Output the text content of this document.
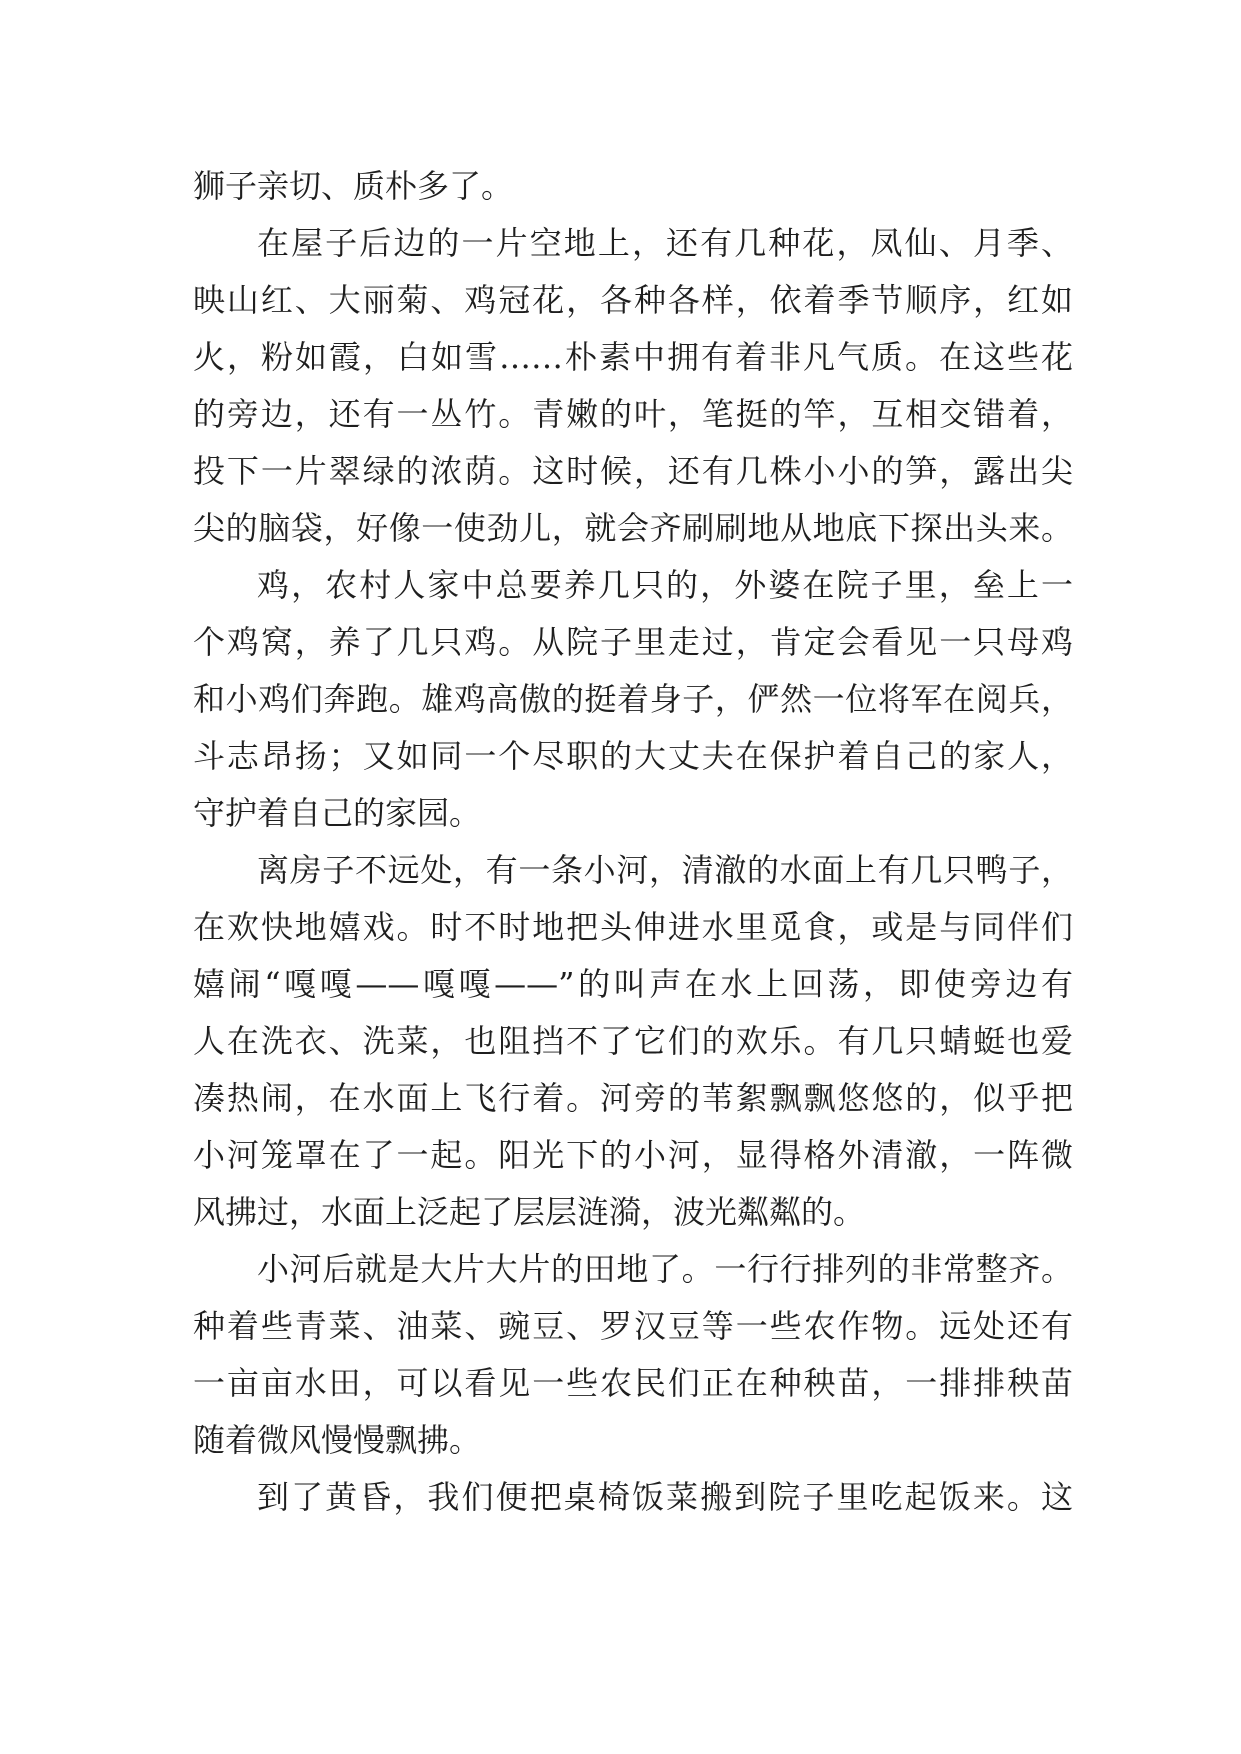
狮子亲切、质朴多了。
在屋子后边的一片空地上，还有几种花，凤仙、月季、
映山红、大丽菊、鸡冠花，各种各样，依着季节顺序，红如
火，粉如霞，白如雪……朴素中拥有着非凡气质。在这些花
的旁边，还有一丛竹。青嫩的叶，笔挺的竿，互相交错着，
投下一片翠绿的浓荫。这时候，还有几株小小的笋，露出尖
尖的脑袋，好像一使劲儿，就会齐刷刷地从地底下探出头来。
鸡，农村人家中总要养几只的，外婆在院子里，垒上一
个鸡窝，养了几只鸡。从院子里走过，肯定会看见一只母鸡
和小鸡们奔跑。雄鸡高傲的挺着身子，俨然一位将军在阅兵，
斗志昂扬；又如同一个尽职的大丈夫在保护着自己的家人，
守护着自己的家园。
离房子不远处，有一条小河，清澈的水面上有几只鸭子，
在欢快地嬉戏。时不时地把头伸进水里觅食，或是与同伴们
嬉闹“嘎嘎——嘎嘎——”的叫声在水上回荡，即使旁边有
人在洗衣、洗菜，也阻挡不了它们的欢乐。有几只蜻蜓也爱
凑热闹，在水面上飞行着。河旁的苇絮飘飘悠悠的，似乎把
小河笼罩在了一起。阳光下的小河，显得格外清澈，一阵微
风拂过，水面上泛起了层层涟漪，波光粼粼的。
小河后就是大片大片的田地了。一行行排列的非常整齐。
种着些青菜、油菜、豌豆、罗汉豆等一些农作物。远处还有
一亩亩水田，可以看见一些农民们正在种秧苗，一排排秧苗
随着微风慢慢飘拂。
到了黄昏，我们便把桌椅饭菜搬到院子里吃起饭来。这
